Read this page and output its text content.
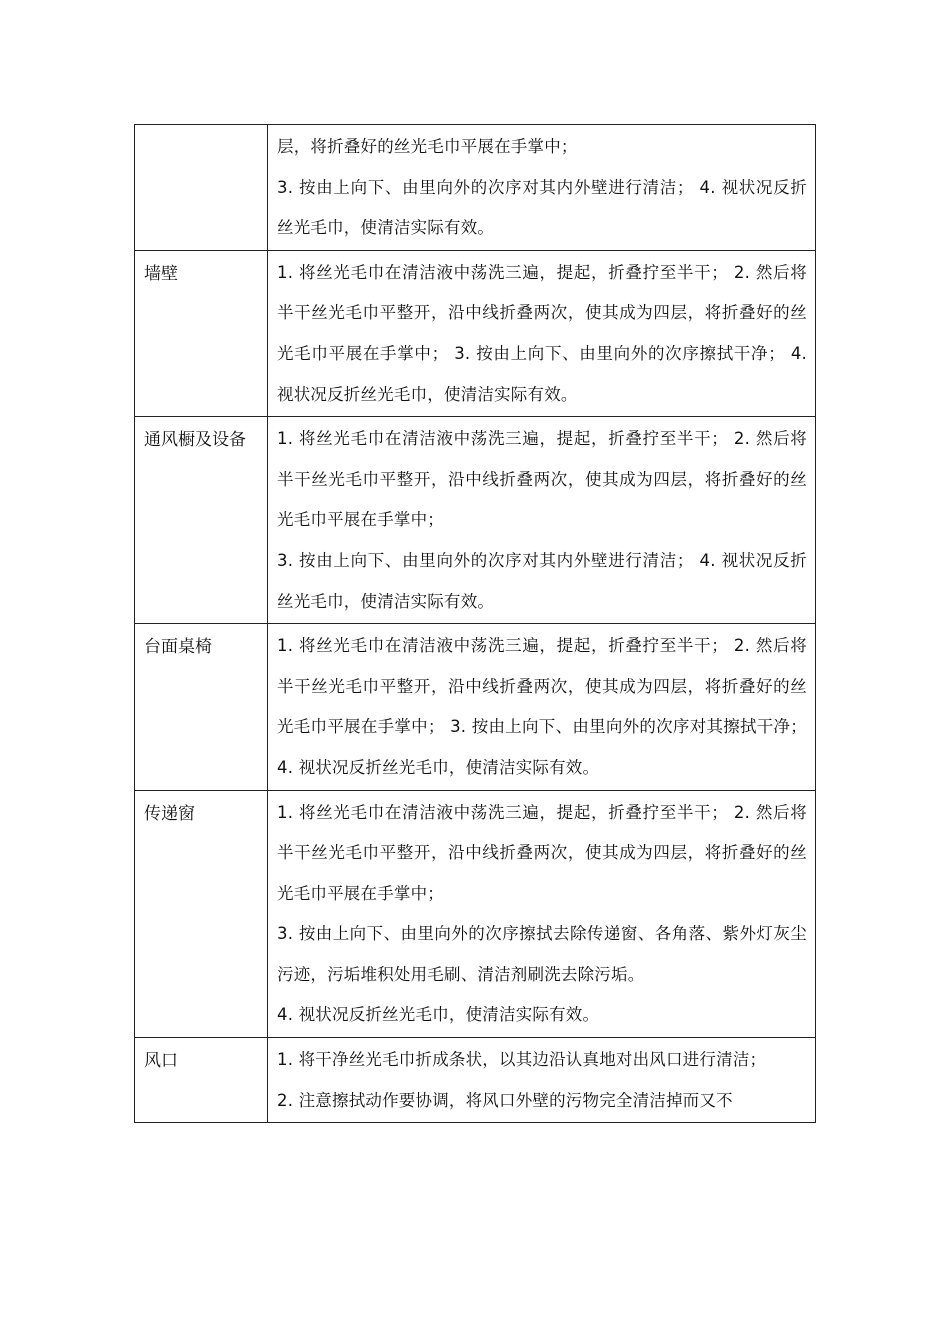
	层，将折叠好的丝光毛巾平展在手掌中；

3. 按由上向下、由里向外的次序对其内外壁进行清洁； 4. 视状况反折丝光毛巾，使清洁实际有效。

墙壁	1. 将丝光毛巾在清洁液中荡洗三遍，提起，折叠拧至半干； 2. 然后将半干丝光毛巾平整开，沿中线折叠两次，使其成为四层，将折叠好的丝光毛巾平展在手掌中； 3. 按由上向下、由里向外的次序擦拭干净； 4. 视状况反折丝光毛巾，使清洁实际有效。

通风橱及设备	1. 将丝光毛巾在清洁液中荡洗三遍，提起，折叠拧至半干； 2. 然后将半干丝光毛巾平整开，沿中线折叠两次，使其成为四层，将折叠好的丝光毛巾平展在手掌中；

3. 按由上向下、由里向外的次序对其内外壁进行清洁； 4. 视状况反折丝光毛巾，使清洁实际有效。

台面桌椅	1. 将丝光毛巾在清洁液中荡洗三遍，提起，折叠拧至半干； 2. 然后将半干丝光毛巾平整开，沿中线折叠两次，使其成为四层，将折叠好的丝光毛巾平展在手掌中； 3. 按由上向下、由里向外的次序对其擦拭干净； 4. 视状况反折丝光毛巾，使清洁实际有效。

传递窗	1. 将丝光毛巾在清洁液中荡洗三遍，提起，折叠拧至半干； 2. 然后将半干丝光毛巾平整开，沿中线折叠两次，使其成为四层，将折叠好的丝光毛巾平展在手掌中；

3. 按由上向下、由里向外的次序擦拭去除传递窗、各角落、紫外灯灰尘污迹，污垢堆积处用毛刷、清洁剂刷洗去除污垢。

4. 视状况反折丝光毛巾，使清洁实际有效。

风口	1. 将干净丝光毛巾折成条状，以其边沿认真地对出风口进行清洁；

2. 注意擦拭动作要协调，将风口外壁的污物完全清洁掉而又不
